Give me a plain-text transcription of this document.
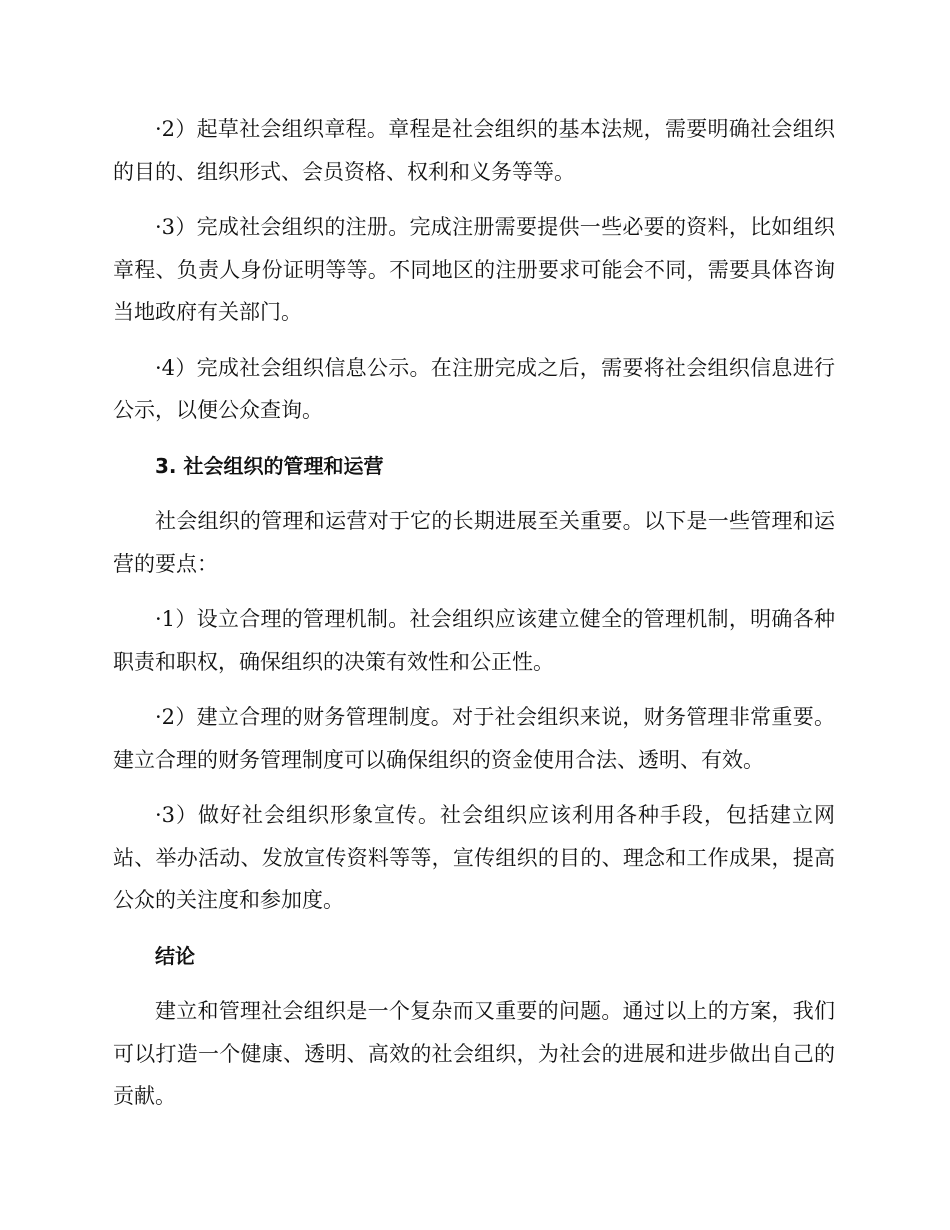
·2）起草社会组织章程。章程是社会组织的基本法规，需要明确社会组织的目的、组织形式、会员资格、权利和义务等等。

·3）完成社会组织的注册。完成注册需要提供一些必要的资料，比如组织章程、负责人身份证明等等。不同地区的注册要求可能会不同，需要具体咨询当地政府有关部门。

·4）完成社会组织信息公示。在注册完成之后，需要将社会组织信息进行公示，以便公众查询。

3. 社会组织的管理和运营

社会组织的管理和运营对于它的长期进展至关重要。以下是一些管理和运营的要点：

·1）设立合理的管理机制。社会组织应该建立健全的管理机制，明确各种职责和职权，确保组织的决策有效性和公正性。

·2）建立合理的财务管理制度。对于社会组织来说，财务管理非常重要。建立合理的财务管理制度可以确保组织的资金使用合法、透明、有效。

·3）做好社会组织形象宣传。社会组织应该利用各种手段，包括建立网站、举办活动、发放宣传资料等等，宣传组织的目的、理念和工作成果，提高公众的关注度和参加度。

结论

建立和管理社会组织是一个复杂而又重要的问题。通过以上的方案，我们可以打造一个健康、透明、高效的社会组织，为社会的进展和进步做出自己的贡献。
